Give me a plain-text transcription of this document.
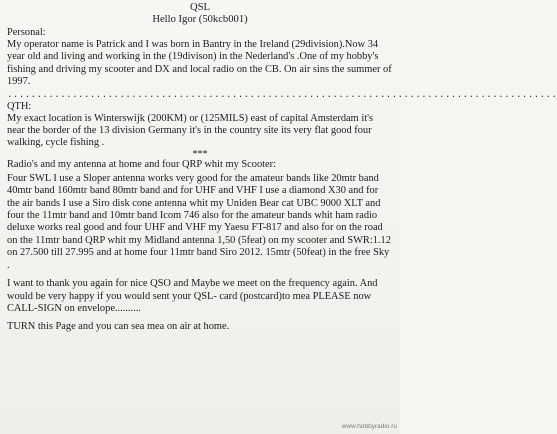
QSL
Hello Igor (50kcb001)
Personal:

My operator name is Patrick and I was born in Bantry in the Ireland (29division).Now 34 year old and living and working in the (19divison) in the Nederland's .One of my hobby's fishing and driving my scooter and DX and local radio on the CB. On air sins the summer of 1997.

.............................................................................................
QTH:

My exact location is Winterswijk (200KM) or (125MILS) east of capital Amsterdam it's near the border of the 13 division Germany it's in the country site its very flat good four walking, cycle fishing .

***
Radio's and my antenna at home and four QRP whit my Scooter:

Four SWL I use a Sloper antenna works very good for the amateur bands like 20mtr band 40mtr band 160mtr band 80mtr band and for UHF and VHF I use a diamond X30 and for the air bands I use a Siro disk cone antenna whit my Uniden Bear cat UBC 9000 XLT and four the 11mtr band and 10mtr band Icom 746 also for the amateur bands whit ham radio deluxe works real good and four UHF and VHF my Yaesu FT-817 and also for on the road on the 11mtr band QRP whit my Midland antenna 1,50 (5feat) on my scooter and SWR:1.12 on 27.500 till 27.995 and at home four 11mtr band Siro 2012. 15mtr (50feat) in the free Sky .

I want to thank you again for nice QSO and Maybe we meet on the frequency again. And would be very happy if you would sent your QSL- card (postcard)to mea PLEASE now CALL-SIGN on envelope..........

TURN this Page and you can sea mea on air at home.

www.hobbyradio.ru
